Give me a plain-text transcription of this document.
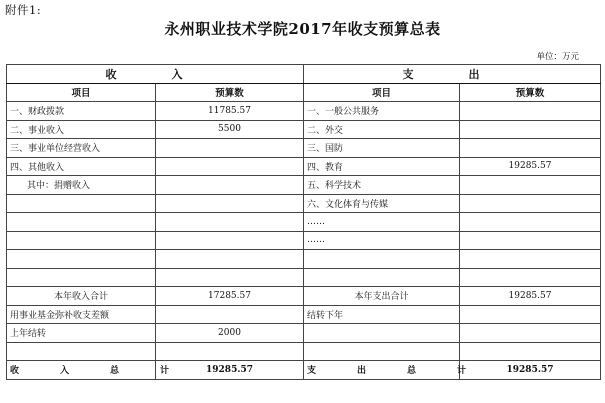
附件1:
永州职业技术学院2017年收支预算总表
单位：万元
收　入		支　出	
项目	预算数	项目	预算数
一、财政拨款	11785.57	一、一般公共服务	
二、事业收入	5500	二、外交	
三、事业单位经营收入		三、国防	
四、其他收入		四、教育	19285.57
其中：捐赠收入		五、科学技术	
		六、文化体育与传媒	
		……	
		……	

本年收入合计	17285.57	本年支出合计	19285.57
用事业基金弥补收支差额		结转下年	
上年结转	2000		

收　入　总　计	19285.57	支　出　总　计	19285.57
